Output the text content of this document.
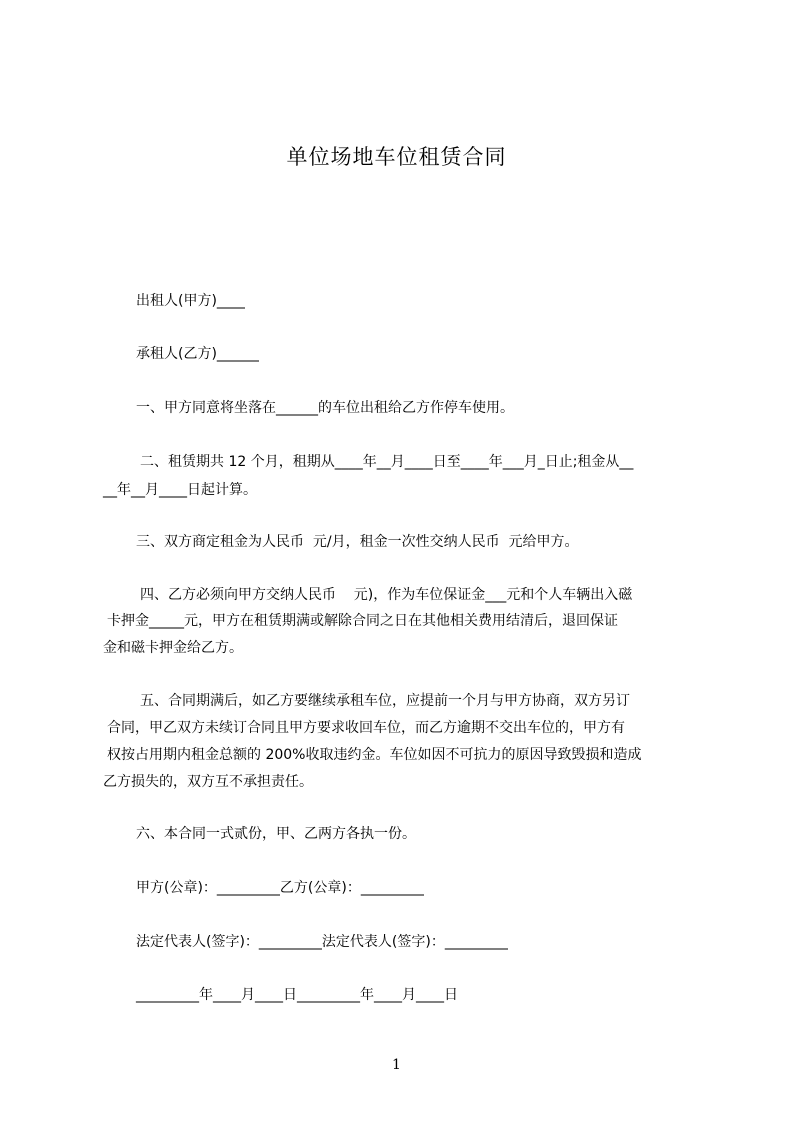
单位场地车位租赁合同

出租人(甲方)____

承租人(乙方)______

一、甲方同意将坐落在______的车位出租给乙方作停车使用。

二、租赁期共 12 个月，租期从____年__月____日至____年___月_日止;租金从__

__年__月____日起计算。

三、双方商定租金为人民币  元/月，租金一次性交纳人民币  元给甲方。

四、乙方必须向甲方交纳人民币    元)，作为车位保证金___元和个人车辆出入磁

卡押金_____元，甲方在租赁期满或解除合同之日在其他相关费用结清后，退回保证

金和磁卡押金给乙方。

五、合同期满后，如乙方要继续承租车位，应提前一个月与甲方协商，双方另订

合同，甲乙双方未续订合同且甲方要求收回车位，而乙方逾期不交出车位的，甲方有

权按占用期内租金总额的 200%收取违约金。车位如因不可抗力的原因导致毁损和造成

乙方损失的，双方互不承担责任。

六、本合同一式贰份，甲、乙两方各执一份。

甲方(公章)：_________乙方(公章)：_________

法定代表人(签字)：_________法定代表人(签字)：_________

_________年____月____日_________年____月____日

1
